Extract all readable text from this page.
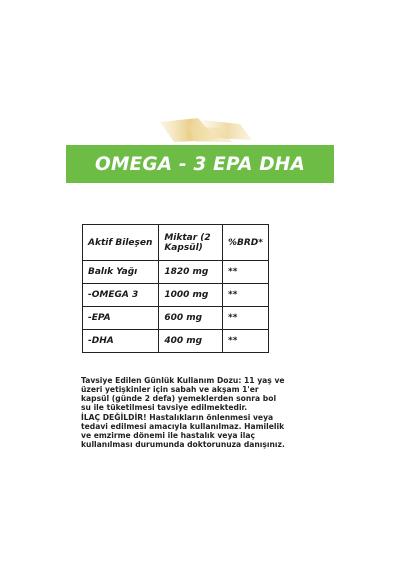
OMEGA - 3 EPA DHA
Aktif Bileşen	Miktar (2 Kapsül)	%BRD*
Balık Yağı	1820 mg	**
-OMEGA 3	1000 mg	**
-EPA	600 mg	**
-DHA	400 mg	**
Tavsiye Edilen Günlük Kullanım Dozu: 11 yaş ve üzeri yetişkinler için sabah ve akşam 1'er kapsül (günde 2 defa) yemeklerden sonra bol su ile tüketilmesi tavsiye edilmektedir.
İLAÇ DEĞİLDİR! Hastalıkların önlenmesi veya tedavi edilmesi amacıyla kullanılmaz. Hamilelik ve emzirme dönemi ile hastalık veya ilaç kullanılması durumunda doktorunuza danışınız.
